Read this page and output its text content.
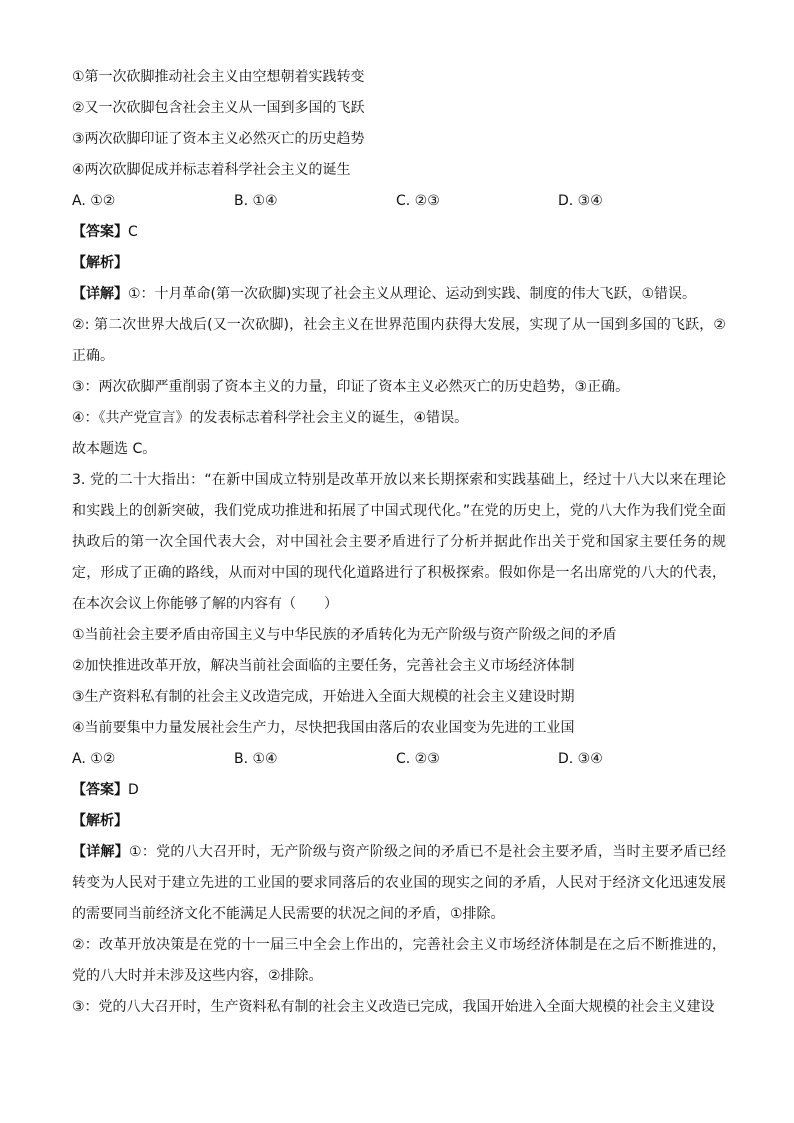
①第一次砍脚推动社会主义由空想朝着实践转变
②又一次砍脚包含社会主义从一国到多国的飞跃
③两次砍脚印证了资本主义必然灭亡的历史趋势
④两次砍脚促成并标志着科学社会主义的诞生
A. ①②	B. ①④	C. ②③	D. ③④
【答案】C
【解析】
【详解】①：十月革命(第一次砍脚)实现了社会主义从理论、运动到实践、制度的伟大飞跃，①错误。
②: 第二次世界大战后(又一次砍脚)，社会主义在世界范围内获得大发展，实现了从一国到多国的飞跃，②正确。
③：两次砍脚严重削弱了资本主义的力量，印证了资本主义必然灭亡的历史趋势，③正确。
④：《共产党宣言》的发表标志着科学社会主义的诞生，④错误。
故本题选 C。
3. 党的二十大指出：“在新中国成立特别是改革开放以来长期探索和实践基础上，经过十八大以来在理论和实践上的创新突破，我们党成功推进和拓展了中国式现代化。”在党的历史上，党的八大作为我们党全面执政后的第一次全国代表大会，对中国社会主要矛盾进行了分析并据此作出关于党和国家主要任务的规定，形成了正确的路线，从而对中国的现代化道路进行了积极探索。假如你是一名出席党的八大的代表，在本次会议上你能够了解的内容有（　　）
①当前社会主要矛盾由帝国主义与中华民族的矛盾转化为无产阶级与资产阶级之间的矛盾
②加快推进改革开放，解决当前社会面临的主要任务，完善社会主义市场经济体制
③生产资料私有制的社会主义改造完成，开始进入全面大规模的社会主义建设时期
④当前要集中力量发展社会生产力，尽快把我国由落后的农业国变为先进的工业国
A. ①②	B. ①④	C. ②③	D. ③④
【答案】D
【解析】
【详解】①：党的八大召开时，无产阶级与资产阶级之间的矛盾已不是社会主要矛盾，当时主要矛盾已经转变为人民对于建立先进的工业国的要求同落后的农业国的现实之间的矛盾，人民对于经济文化迅速发展的需要同当前经济文化不能满足人民需要的状况之间的矛盾，①排除。
②：改革开放决策是在党的十一届三中全会上作出的，完善社会主义市场经济体制是在之后不断推进的，党的八大时并未涉及这些内容，②排除。
③：党的八大召开时，生产资料私有制的社会主义改造已完成，我国开始进入全面大规模的社会主义建设
